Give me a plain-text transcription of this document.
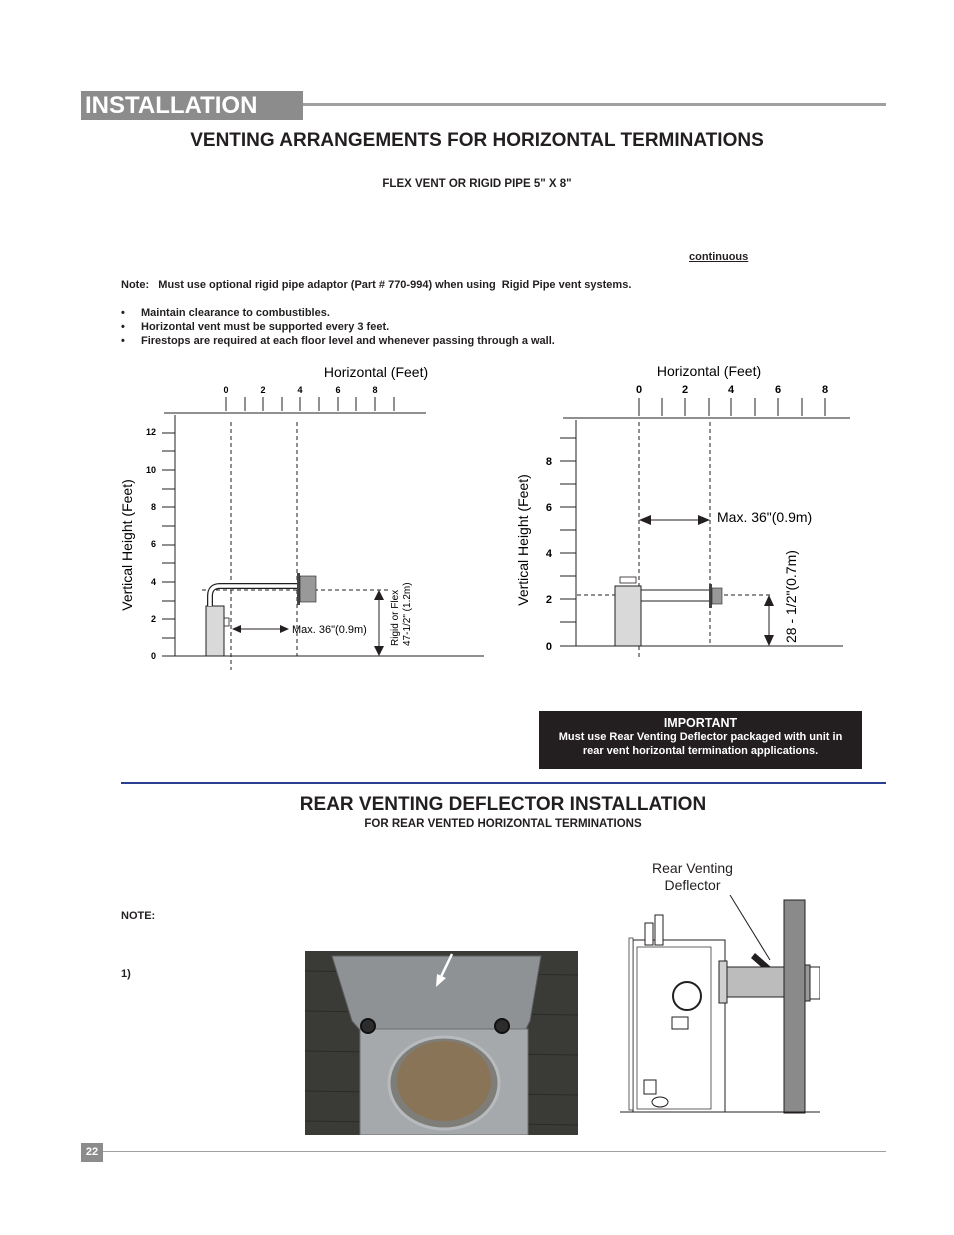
INSTALLATION
VENTING ARRANGEMENTS FOR HORIZONTAL TERMINATIONS
FLEX VENT OR RIGID PIPE 5" X 8"
continuous
Note:   Must use optional rigid pipe adaptor (Part # 770-994) when using  Rigid Pipe vent systems.
• Maintain clearance to combustibles.
• Horizontal vent must be supported every 3 feet.
• Firestops are required at each floor level and whenever passing through a wall.
Horizontal (Feet)
0	2	4	6	8
12
10
8
6
4
2
0
Vertical Height (Feet)
Max. 36"(0.9m) Rigid or Flex 47-1/2" (1.2m)
Horizontal (Feet)
0	2	4	6	8
8
6
4
2
0
Vertical Height (Feet)	Max. 36"(0.9m)
28 - 1/2"(0.7m)
IMPORTANT
Must use Rear Venting Deflector packaged with unit in
rear vent horizontal termination applications.
REAR VENTING DEFLECTOR INSTALLATION
FOR REAR VENTED HORIZONTAL TERMINATIONS
NOTE:
1)
Rear Venting
Deflector
22
